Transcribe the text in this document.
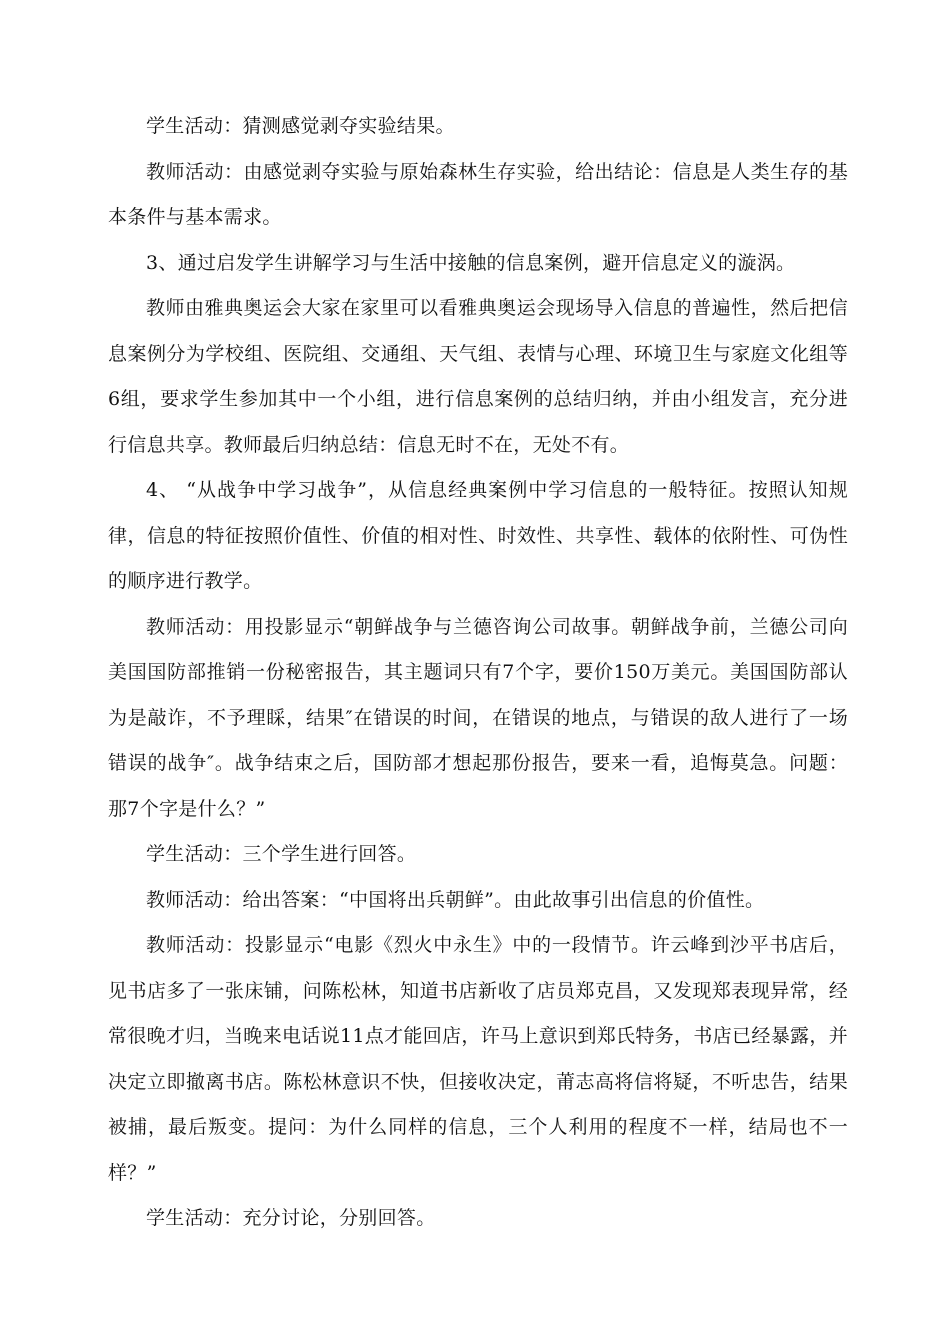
学生活动：猜测感觉剥夺实验结果。

教师活动：由感觉剥夺实验与原始森林生存实验，给出结论：信息是人类生存的基本条件与基本需求。

3、通过启发学生讲解学习与生活中接触的信息案例，避开信息定义的漩涡。

教师由雅典奥运会大家在家里可以看雅典奥运会现场导入信息的普遍性，然后把信息案例分为学校组、医院组、交通组、天气组、表情与心理、环境卫生与家庭文化组等6组，要求学生参加其中一个小组，进行信息案例的总结归纳，并由小组发言，充分进行信息共享。教师最后归纳总结：信息无时不在，无处不有。

4、 “从战争中学习战争”，从信息经典案例中学习信息的一般特征。按照认知规律，信息的特征按照价值性、价值的相对性、时效性、共享性、载体的依附性、可伪性的顺序进行教学。

教师活动：用投影显示“朝鲜战争与兰德咨询公司故事。朝鲜战争前，兰德公司向美国国防部推销一份秘密报告，其主题词只有7个字，要价150万美元。美国国防部认为是敲诈，不予理睬，结果″在错误的时间，在错误的地点，与错误的敌人进行了一场错误的战争″。战争结束之后，国防部才想起那份报告，要来一看，追悔莫急。问题：那7个字是什么？”

学生活动：三个学生进行回答。

教师活动：给出答案：“中国将出兵朝鲜”。由此故事引出信息的价值性。

教师活动：投影显示“电影《烈火中永生》中的一段情节。许云峰到沙平书店后，见书店多了一张床铺，问陈松林，知道书店新收了店员郑克昌，又发现郑表现异常，经常很晚才归，当晚来电话说11点才能回店，许马上意识到郑氏特务，书店已经暴露，并决定立即撤离书店。陈松林意识不快，但接收决定，莆志高将信将疑，不听忠告，结果被捕，最后叛变。提问：为什么同样的信息，三个人利用的程度不一样，结局也不一样？”

学生活动：充分讨论，分别回答。
